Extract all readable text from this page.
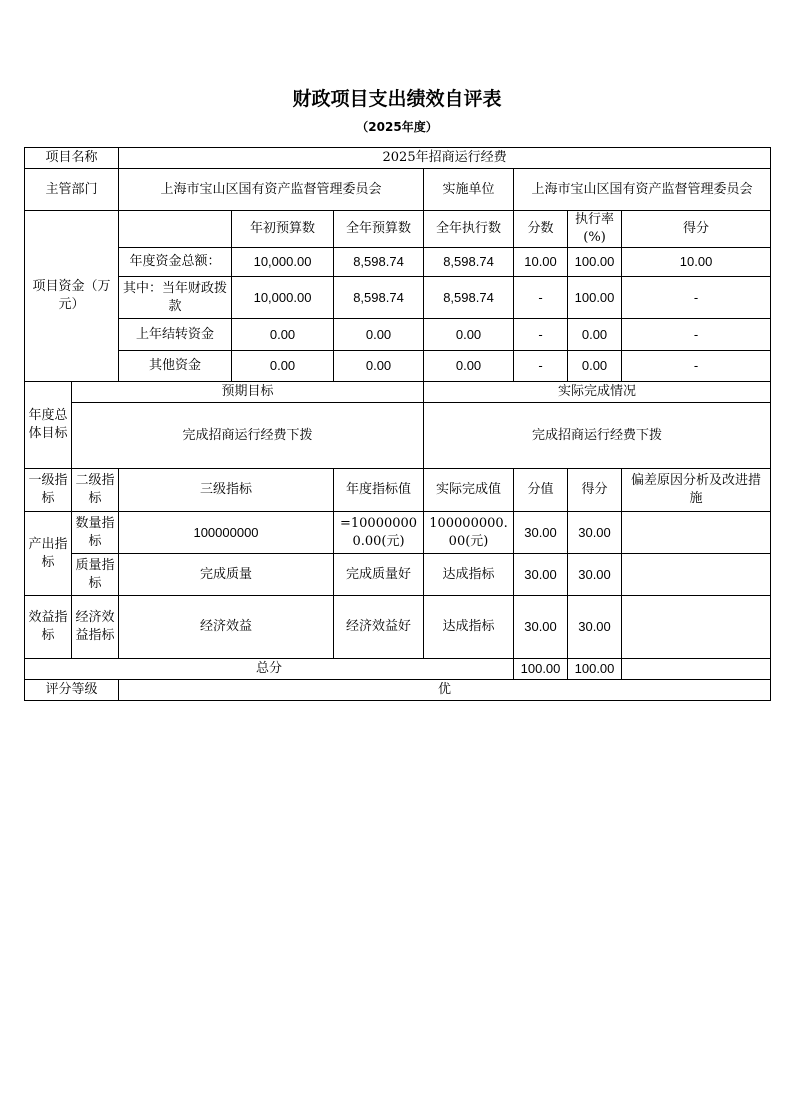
财政项目支出绩效自评表
（2025年度）
项目名称		2025年招商运行经费						
主管部门		上海市宝山区国有资产监督管理委员会			实施单位	上海市宝山区国有资产监督管理委员会		
项目资金（万元）			年初预算数	全年预算数	全年执行数	分数	执行率(%)	得分
		年度资金总额：	10,000.00	8,598.74	8,598.74	10.00	100.00	10.00
		其中：当年财政拨款	10,000.00	8,598.74	8,598.74	-	100.00	-
		上年结转资金	0.00	0.00	0.00	-	0.00	-
		其他资金	0.00	0.00	0.00	-	0.00	-
年度总体目标	预期目标				实际完成情况			
	完成招商运行经费下拨				完成招商运行经费下拨			
一级指标	二级指标	三级指标		年度指标值	实际完成值	分值	得分	偏差原因分析及改进措施
产出指标	数量指标	100000000		=100000000.00(元)	100000000.00(元)	30.00	30.00	
	质量指标	完成质量		完成质量好	达成指标	30.00	30.00	
效益指标	经济效益指标	经济效益		经济效益好	达成指标	30.00	30.00	
总分						100.00	100.00	
评分等级		优						
